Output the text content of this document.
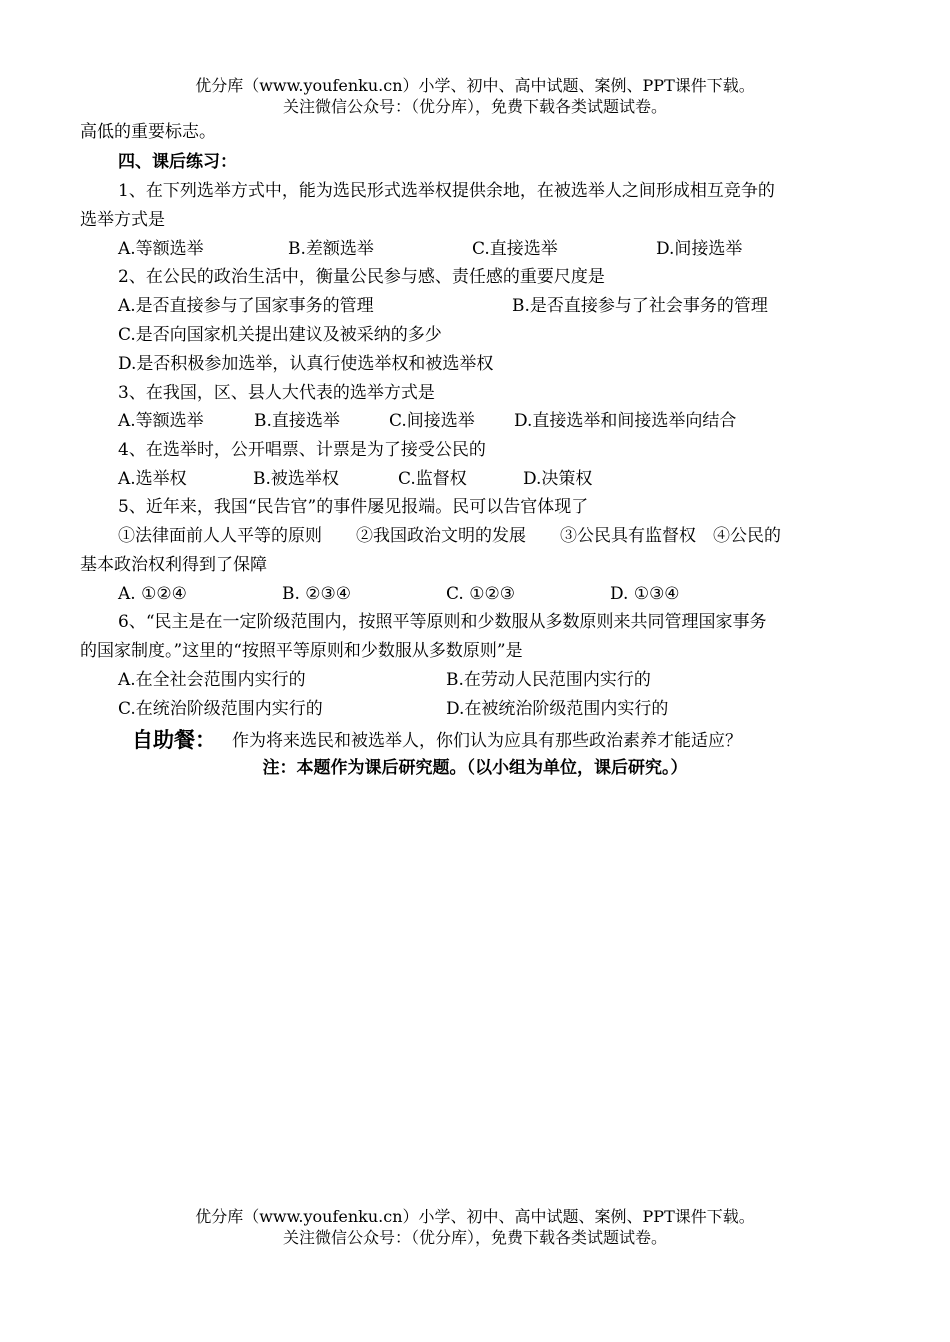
优分库（www.youfenku.cn）小学、初中、高中试题、案例、PPT课件下载。
关注微信公众号：（优分库），免费下载各类试题试卷。
高低的重要标志。
四、课后练习：
1、在下列选举方式中，能为选民形式选举权提供余地，在被选举人之间形成相互竞争的
选举方式是
A.等额选举	B.差额选举	C.直接选举	D.间接选举
2、在公民的政治生活中，衡量公民参与感、责任感的重要尺度是
A.是否直接参与了国家事务的管理	B.是否直接参与了社会事务的管理
C.是否向国家机关提出建议及被采纳的多少
D.是否积极参加选举，认真行使选举权和被选举权
3、在我国，区、县人大代表的选举方式是
A.等额选举	B.直接选举	C.间接选举 D.直接选举和间接选举向结合
4、在选举时，公开唱票、计票是为了接受公民的
A.选举权	B.被选举权	C.监督权	D.决策权
5、近年来，我国“民告官”的事件屡见报端。民可以告官体现了
①法律面前人人平等的原则　　②我国政治文明的发展　　③公民具有监督权　④公民的
基本政治权利得到了保障
A. ①②④	B. ②③④	C. ①②③	D. ①③④
6、“民主是在一定阶级范围内，按照平等原则和少数服从多数原则来共同管理国家事务
的国家制度。”这里的“按照平等原则和少数服从多数原则”是
A.在全社会范围内实行的	B.在劳动人民范围内实行的
C.在统治阶级范围内实行的	D.在被统治阶级范围内实行的
自助餐： 作为将来选民和被选举人，你们认为应具有那些政治素养才能适应？
注：本题作为课后研究题。（以小组为单位，课后研究。）
优分库（www.youfenku.cn）小学、初中、高中试题、案例、PPT课件下载。
关注微信公众号：（优分库），免费下载各类试题试卷。
